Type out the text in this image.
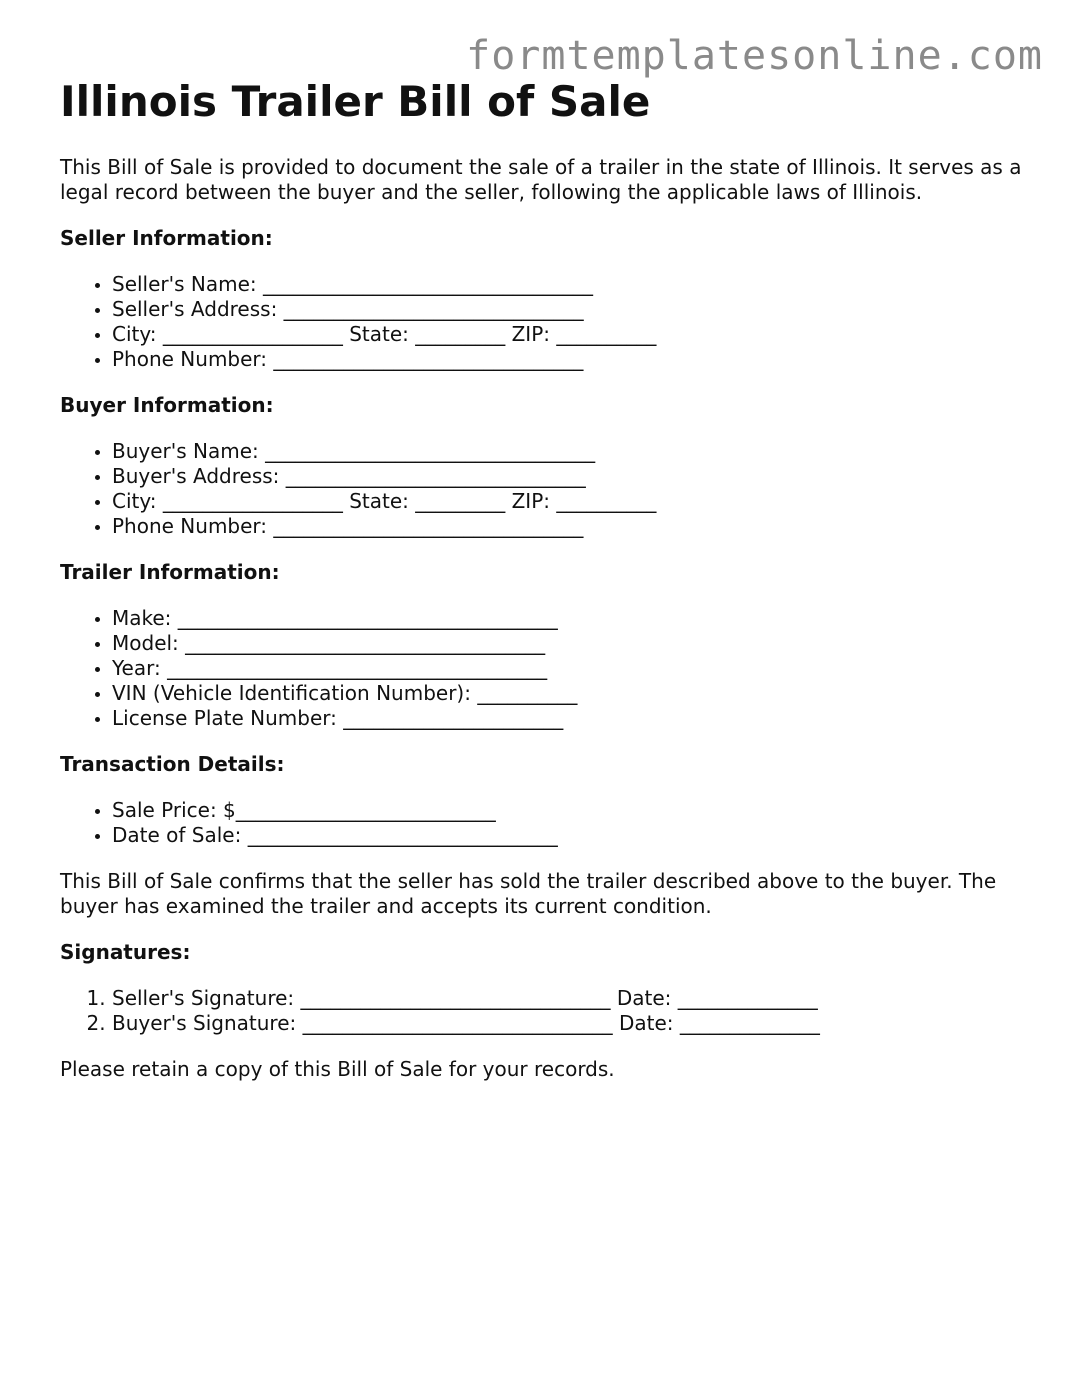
formtemplatesonline.com
Illinois Trailer Bill of Sale

This Bill of Sale is provided to document the sale of a trailer in the state of Illinois. It serves as a legal record between the buyer and the seller, following the applicable laws of Illinois.

Seller Information:
• Seller's Name: _________________________________
• Seller's Address: ______________________________
• City: __________________ State: _________ ZIP: __________
• Phone Number: _______________________________
Buyer Information:
• Buyer's Name: _________________________________
• Buyer's Address: ______________________________
• City: __________________ State: _________ ZIP: __________
• Phone Number: _______________________________
Trailer Information:
• Make: ______________________________________
• Model: ____________________________________
• Year: ______________________________________
• VIN (Vehicle Identification Number): __________
• License Plate Number: ______________________
Transaction Details:
• Sale Price: $__________________________
• Date of Sale: _______________________________

This Bill of Sale confirms that the seller has sold the trailer described above to the buyer. The buyer has examined the trailer and accepts its current condition.

Signatures:
1. Seller's Signature: _______________________________ Date: ______________
2. Buyer's Signature: _______________________________ Date: ______________

Please retain a copy of this Bill of Sale for your records.
